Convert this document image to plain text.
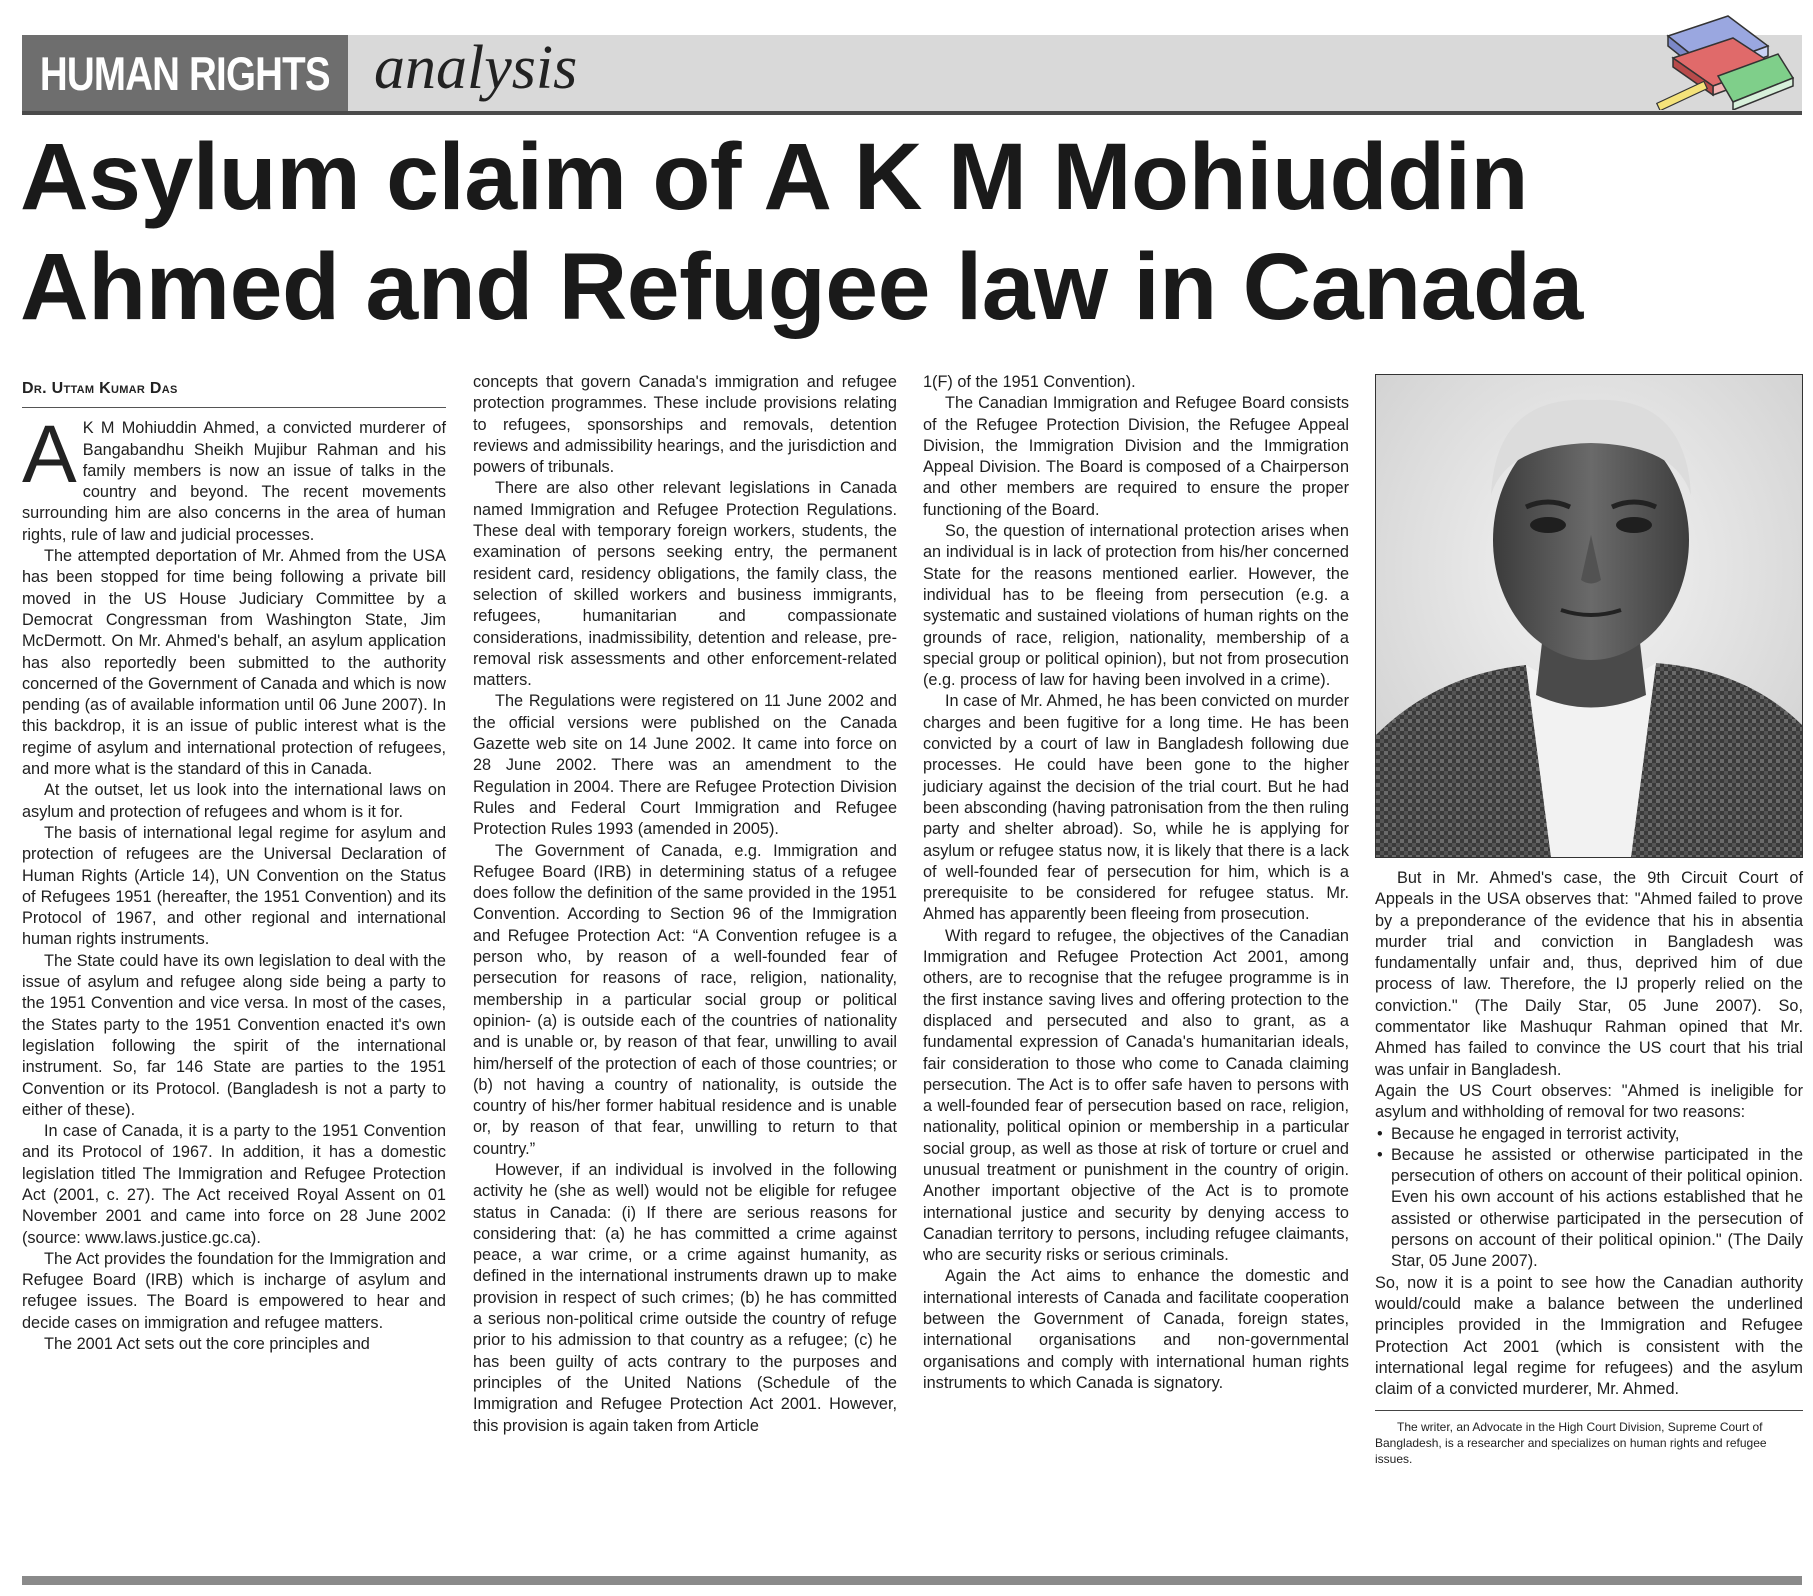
HUMAN RIGHTS analysis
Asylum claim of A K M Mohiuddin Ahmed and Refugee law in Canada
Dr. Uttam Kumar Das

A K M Mohiuddin Ahmed, a convicted murderer of Bangabandhu Sheikh Mujibur Rahman and his family members is now an issue of talks in the country and beyond. The recent movements surrounding him are also concerns in the area of human rights, rule of law and judicial processes.

The attempted deportation of Mr. Ahmed from the USA has been stopped for time being following a private bill moved in the US House Judiciary Committee by a Democrat Congressman from Washington State, Jim McDermott. On Mr. Ahmed's behalf, an asylum application has also reportedly been submitted to the authority concerned of the Government of Canada and which is now pending (as of available information until 06 June 2007). In this backdrop, it is an issue of public interest what is the regime of asylum and international protection of refugees, and more what is the standard of this in Canada.

At the outset, let us look into the international laws on asylum and protection of refugees and whom is it for.

The basis of international legal regime for asylum and protection of refugees are the Universal Declaration of Human Rights (Article 14), UN Convention on the Status of Refugees 1951 (hereafter, the 1951 Convention) and its Protocol of 1967, and other regional and international human rights instruments.

The State could have its own legislation to deal with the issue of asylum and refugee along side being a party to the 1951 Convention and vice versa. In most of the cases, the States party to the 1951 Convention enacted it's own legislation following the spirit of the international instrument. So, far 146 State are parties to the 1951 Convention or its Protocol. (Bangladesh is not a party to either of these).

In case of Canada, it is a party to the 1951 Convention and its Protocol of 1967. In addition, it has a domestic legislation titled The Immigration and Refugee Protection Act (2001, c. 27). The Act received Royal Assent on 01 November 2001 and came into force on 28 June 2002 (source: www.laws.justice.gc.ca).

The Act provides the foundation for the Immigration and Refugee Board (IRB) which is incharge of asylum and refugee issues. The Board is empowered to hear and decide cases on immigration and refugee matters.

The 2001 Act sets out the core principles and

concepts that govern Canada's immigration and refugee protection programmes. These include provisions relating to refugees, sponsorships and removals, detention reviews and admissibility hearings, and the jurisdiction and powers of tribunals.

There are also other relevant legislations in Canada named Immigration and Refugee Protection Regulations. These deal with temporary foreign workers, students, the examination of persons seeking entry, the permanent resident card, residency obligations, the family class, the selection of skilled workers and business immigrants, refugees, humanitarian and compassionate considerations, inadmissibility, detention and release, pre-removal risk assessments and other enforcement-related matters.

The Regulations were registered on 11 June 2002 and the official versions were published on the Canada Gazette web site on 14 June 2002. It came into force on 28 June 2002. There was an amendment to the Regulation in 2004. There are Refugee Protection Division Rules and Federal Court Immigration and Refugee Protection Rules 1993 (amended in 2005).

The Government of Canada, e.g. Immigration and Refugee Board (IRB) in determining status of a refugee does follow the definition of the same provided in the 1951 Convention. According to Section 96 of the Immigration and Refugee Protection Act: “A Convention refugee is a person who, by reason of a well-founded fear of persecution for reasons of race, religion, nationality, membership in a particular social group or political opinion- (a) is outside each of the countries of nationality and is unable or, by reason of that fear, unwilling to avail him/herself of the protection of each of those countries; or (b) not having a country of nationality, is outside the country of his/her former habitual residence and is unable or, by reason of that fear, unwilling to return to that country.”

However, if an individual is involved in the following activity he (she as well) would not be eligible for refugee status in Canada: (i) If there are serious reasons for considering that: (a) he has committed a crime against peace, a war crime, or a crime against humanity, as defined in the international instruments drawn up to make provision in respect of such crimes; (b) he has committed a serious non-political crime outside the country of refuge prior to his admission to that country as a refugee; (c) he has been guilty of acts contrary to the purposes and principles of the United Nations (Schedule of the Immigration and Refugee Protection Act 2001. However, this provision is again taken from Article

1(F) of the 1951 Convention).

The Canadian Immigration and Refugee Board consists of the Refugee Protection Division, the Refugee Appeal Division, the Immigration Division and the Immigration Appeal Division. The Board is composed of a Chairperson and other members are required to ensure the proper functioning of the Board.

So, the question of international protection arises when an individual is in lack of protection from his/her concerned State for the reasons mentioned earlier. However, the individual has to be fleeing from persecution (e.g. a systematic and sustained violations of human rights on the grounds of race, religion, nationality, membership of a special group or political opinion), but not from prosecution (e.g. process of law for having been involved in a crime).

In case of Mr. Ahmed, he has been convicted on murder charges and been fugitive for a long time. He has been convicted by a court of law in Bangladesh following due processes. He could have been gone to the higher judiciary against the decision of the trial court. But he had been absconding (having patronisation from the then ruling party and shelter abroad). So, while he is applying for asylum or refugee status now, it is likely that there is a lack of well-founded fear of persecution for him, which is a prerequisite to be considered for refugee status. Mr. Ahmed has apparently been fleeing from prosecution.

With regard to refugee, the objectives of the Canadian Immigration and Refugee Protection Act 2001, among others, are to recognise that the refugee programme is in the first instance saving lives and offering protection to the displaced and persecuted and also to grant, as a fundamental expression of Canada's humanitarian ideals, fair consideration to those who come to Canada claiming persecution. The Act is to offer safe haven to persons with a well-founded fear of persecution based on race, religion, nationality, political opinion or membership in a particular social group, as well as those at risk of torture or cruel and unusual treatment or punishment in the country of origin. Another important objective of the Act is to promote international justice and security by denying access to Canadian territory to persons, including refugee claimants, who are security risks or serious criminals.

Again the Act aims to enhance the domestic and international interests of Canada and facilitate cooperation between the Government of Canada, foreign states, international organisations and non-governmental organisations and comply with international human rights instruments to which Canada is signatory.

But in Mr. Ahmed's case, the 9th Circuit Court of Appeals in the USA observes that: "Ahmed failed to prove by a preponderance of the evidence that his in absentia murder trial and conviction in Bangladesh was fundamentally unfair and, thus, deprived him of due process of law. Therefore, the IJ properly relied on the conviction." (The Daily Star, 05 June 2007). So, commentator like Mashuqur Rahman opined that Mr. Ahmed has failed to convince the US court that his trial was unfair in Bangladesh.

Again the US Court observes: "Ahmed is ineligible for asylum and withholding of removal for two reasons:

• Because he engaged in terrorist activity,
• Because he assisted or otherwise participated in the persecution of others on account of their political opinion. Even his own account of his actions established that he assisted or otherwise participated in the persecution of persons on account of their political opinion." (The Daily Star, 05 June 2007).

So, now it is a point to see how the Canadian authority would/could make a balance between the underlined principles provided in the Immigration and Refugee Protection Act 2001 (which is consistent with the international legal regime for refugees) and the asylum claim of a convicted murderer, Mr. Ahmed.

The writer, an Advocate in the High Court Division, Supreme Court of Bangladesh, is a researcher and specializes on human rights and refugee issues.
